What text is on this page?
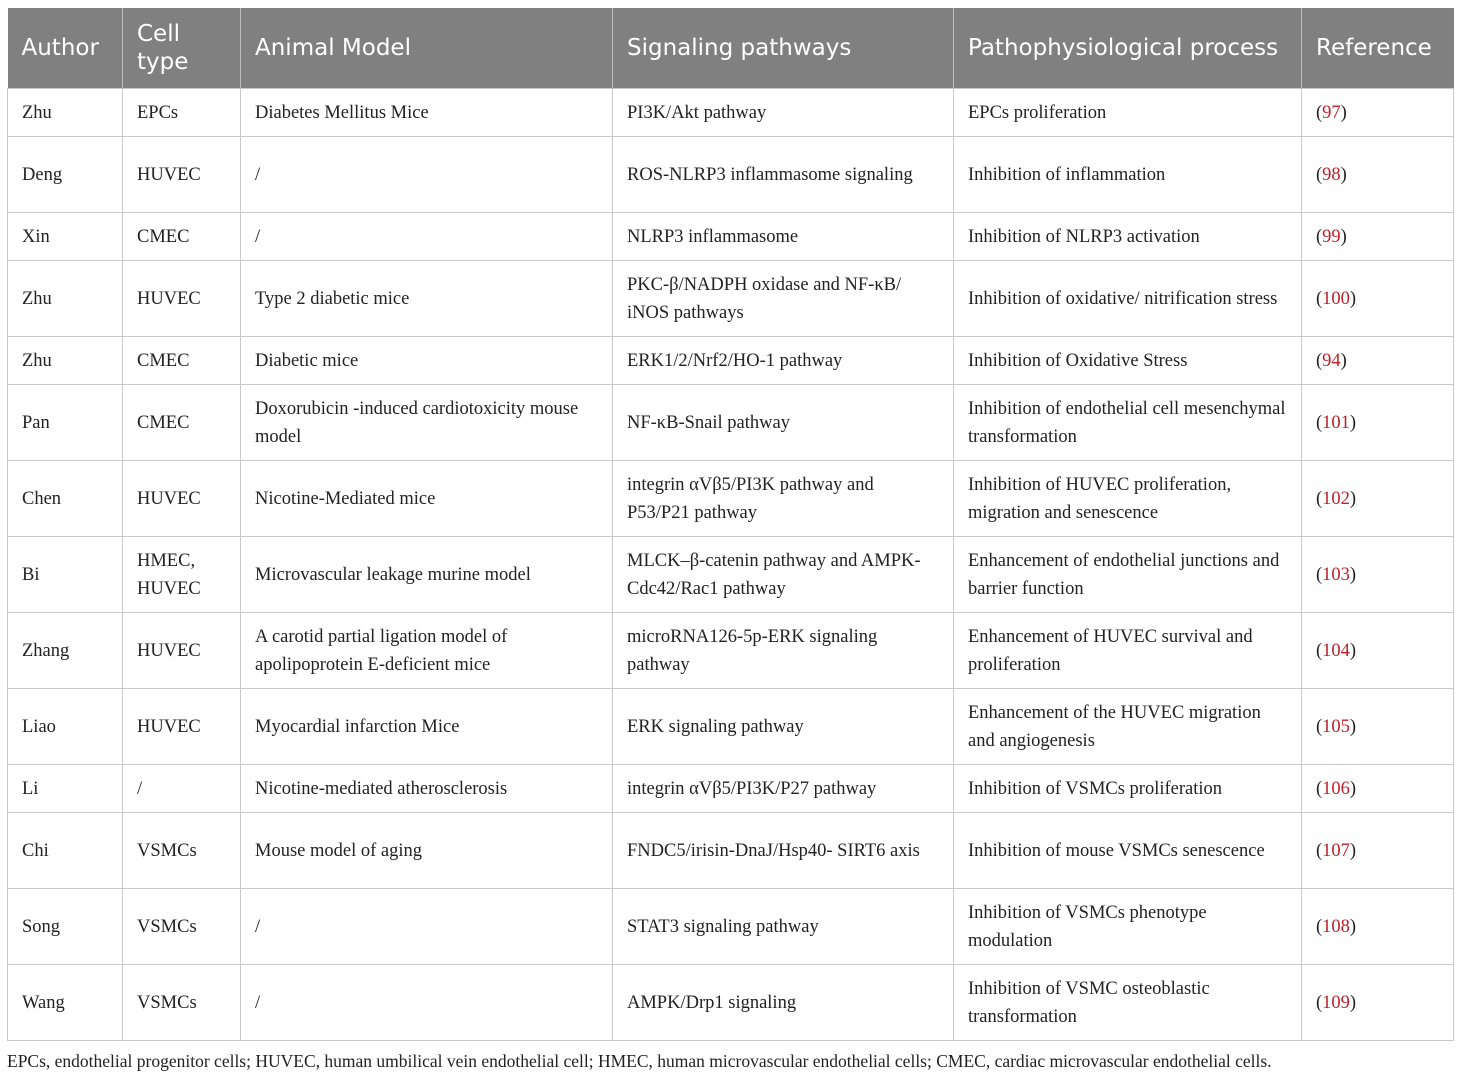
Author	Cell type	Animal Model	Signaling pathways	Pathophysiological process	Reference
Zhu	EPCs	Diabetes Mellitus Mice	PI3K/Akt pathway	EPCs proliferation	(97)
Deng	HUVEC	/	ROS-NLRP3 inflammasome signaling	Inhibition of inflammation	(98)
Xin	CMEC	/	NLRP3 inflammasome	Inhibition of NLRP3 activation	(99)
Zhu	HUVEC	Type 2 diabetic mice	PKC-β/NADPH oxidase and NF-κB/ iNOS pathways	Inhibition of oxidative/ nitrification stress	(100)
Zhu	CMEC	Diabetic mice	ERK1/2/Nrf2/HO-1 pathway	Inhibition of Oxidative Stress	(94)
Pan	CMEC	Doxorubicin -induced cardiotoxicity mouse model	NF-κB-Snail pathway	Inhibition of endothelial cell mesenchymal transformation	(101)
Chen	HUVEC	Nicotine-Mediated mice	integrin αVβ5/PI3K pathway and P53/P21 pathway	Inhibition of HUVEC proliferation, migration and senescence	(102)
Bi	HMEC, HUVEC	Microvascular leakage murine model	MLCK–β-catenin pathway and AMPK-Cdc42/Rac1 pathway	Enhancement of endothelial junctions and barrier function	(103)
Zhang	HUVEC	A carotid partial ligation model of apolipoprotein E-deficient mice	microRNA126-5p-ERK signaling pathway	Enhancement of HUVEC survival and proliferation	(104)
Liao	HUVEC	Myocardial infarction Mice	ERK signaling pathway	Enhancement of the HUVEC migration and angiogenesis	(105)
Li	/	Nicotine-mediated atherosclerosis	integrin αVβ5/PI3K/P27 pathway	Inhibition of VSMCs proliferation	(106)
Chi	VSMCs	Mouse model of aging	FNDC5/irisin-DnaJ/Hsp40- SIRT6 axis	Inhibition of mouse VSMCs senescence	(107)
Song	VSMCs	/	STAT3 signaling pathway	Inhibition of VSMCs phenotype modulation	(108)
Wang	VSMCs	/	AMPK/Drp1 signaling	Inhibition of VSMC osteoblastic transformation	(109)
EPCs, endothelial progenitor cells; HUVEC, human umbilical vein endothelial cell; HMEC, human microvascular endothelial cells; CMEC, cardiac microvascular endothelial cells.
